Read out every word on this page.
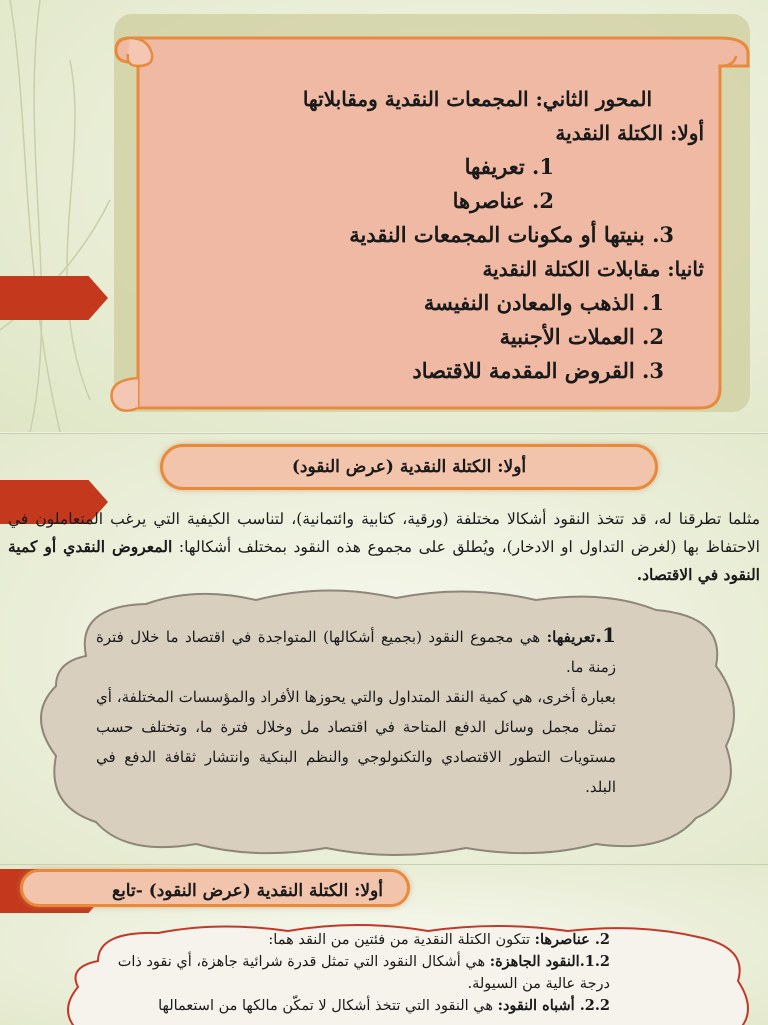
المحور الثاني: المجمعات النقدية ومقابلاتها
أولا: الكتلة النقدية
1. تعريفها
2. عناصرها
3. بنيتها أو مكونات المجمعات النقدية
ثانيا: مقابلات الكتلة النقدية
1. الذهب والمعادن النفيسة
2. العملات الأجنبية
3. القروض المقدمة للاقتصاد
أولا: الكتلة النقدية (عرض النقود)
مثلما تطرقنا له، قد تتخذ النقود أشكالا مختلفة (ورقية، كتابية وائتمانية)، لتناسب الكيفية التي يرغب المتعاملون في الاحتفاظ بها (لغرض التداول او الادخار)، ويُطلق على مجموع هذه النقود بمختلف أشكالها: المعروض النقدي أو كمية النقود في الاقتصاد.
1.تعريفها: هي مجموع النقود (بجميع أشكالها) المتواجدة في اقتصاد ما خلال فترة زمنة ما.
بعبارة أخرى، هي كمية النقد المتداول والتي يحوزها الأفراد والمؤسسات المختلفة، أي تمثل مجمل وسائل الدفع المتاحة في اقتصاد مل وخلال فترة ما، وتختلف حسب مستويات التطور الاقتصادي والتكنولوجي والنظم البنكية وانتشار ثقافة الدفع في البلد.
أولا: الكتلة النقدية (عرض النقود) -تابع
2. عناصرها: تتكون الكتلة النقدية من فئتين من النقد هما:
1.2.النقود الجاهزة: هي أشكال النقود التي تمثل قدرة شرائية جاهزة، أي نقود ذات درجة عالية من السيولة.
2.2. أشباه النقود: هي النقود التي تتخذ أشكال لا تمكّن مالكها من استعمالها
